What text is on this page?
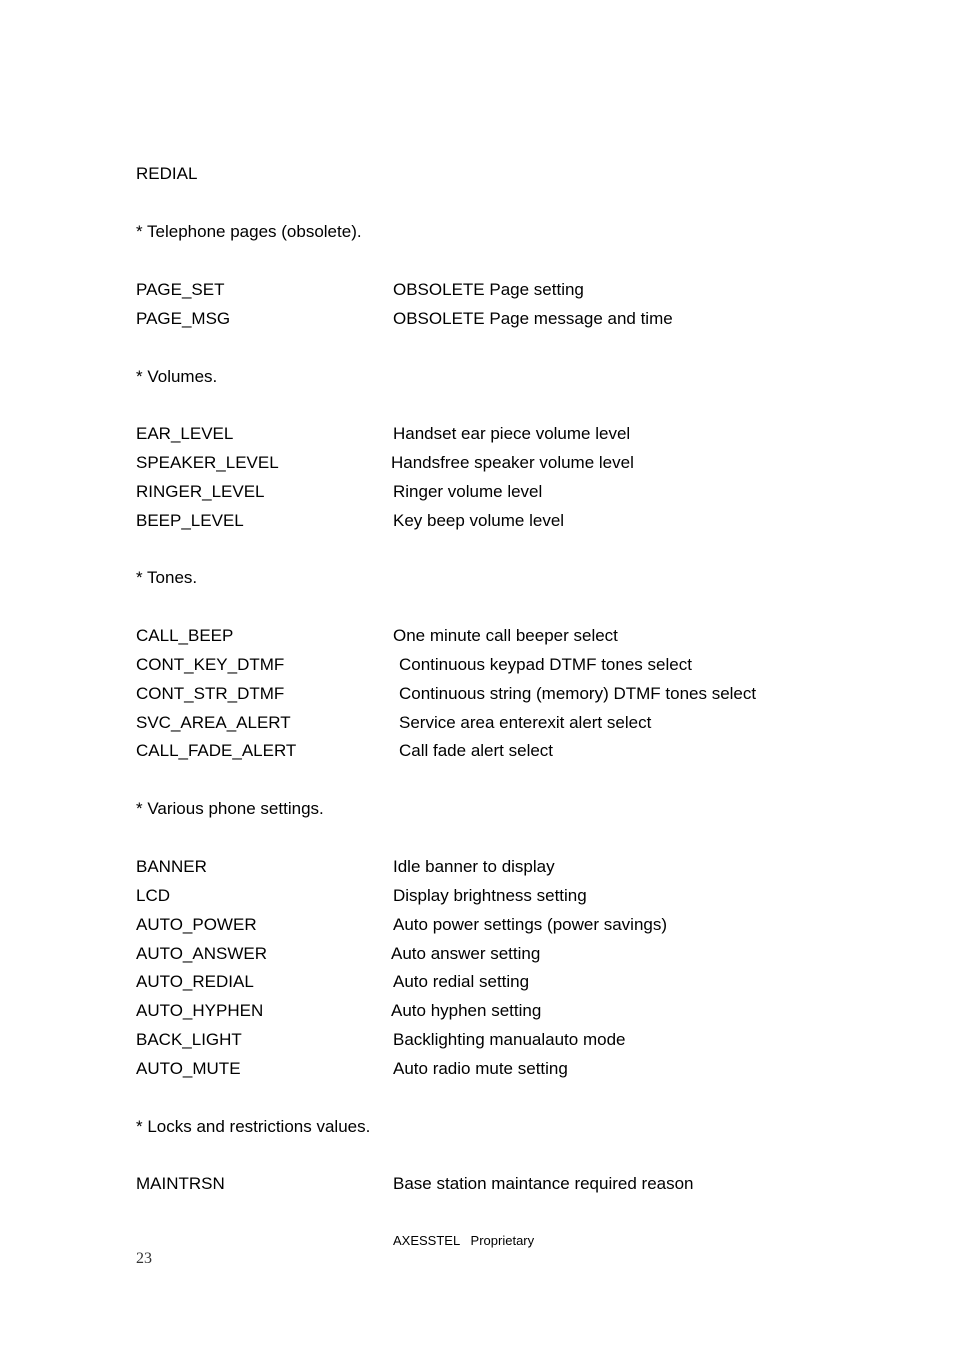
AXESSTEL   Proprietary
23
REDIAL
* Telephone pages (obsolete).
PAGE_SET	OBSOLETE Page setting
PAGE_MSG	OBSOLETE Page message and time
* Volumes.
EAR_LEVEL	Handset ear piece volume level
SPEAKER_LEVEL	Handsfree speaker volume level
RINGER_LEVEL	Ringer volume level
BEEP_LEVEL	Key beep volume level
* Tones.
CALL_BEEP	One minute call beeper select
CONT_KEY_DTMF	Continuous keypad DTMF tones select
CONT_STR_DTMF	Continuous string (memory) DTMF tones select
SVC_AREA_ALERT	Service area enterexit alert select
CALL_FADE_ALERT	Call fade alert select
* Various phone settings.
BANNER	Idle banner to display
LCD	Display brightness setting
AUTO_POWER	Auto power settings (power savings)
AUTO_ANSWER	Auto answer setting
AUTO_REDIAL	Auto redial setting
AUTO_HYPHEN	Auto hyphen setting
BACK_LIGHT	Backlighting manualauto mode
AUTO_MUTE	Auto radio mute setting
* Locks and restrictions values.
MAINTRSN	Base station maintance required reason
